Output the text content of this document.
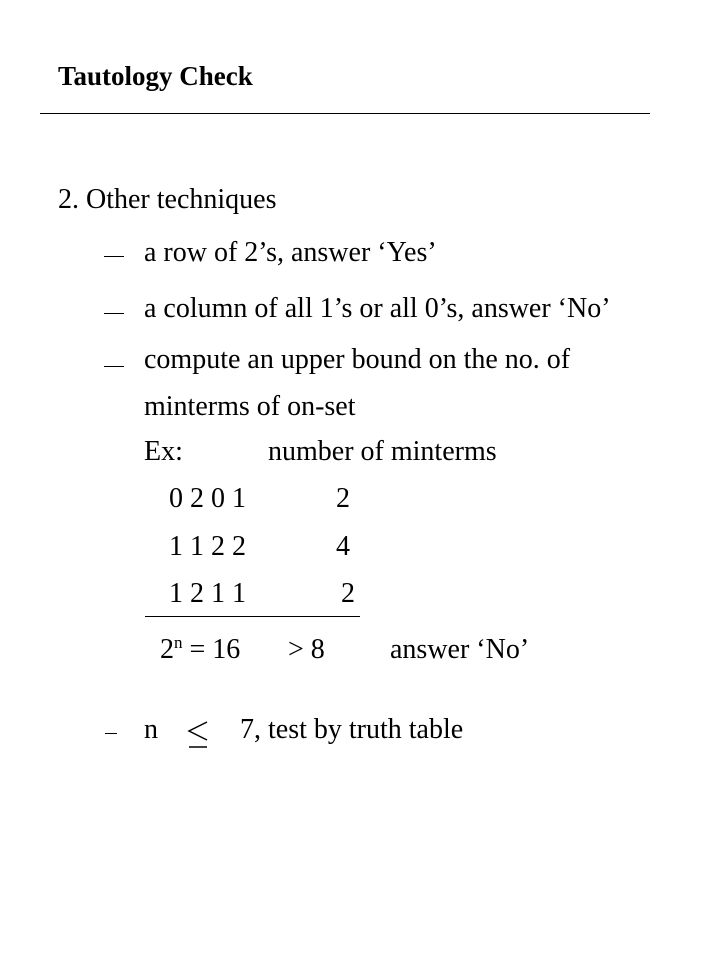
Tautology Check
2. Other techniques
a row of 2’s, answer ‘Yes’
a column of all 1’s or all 0’s, answer ‘No’
compute an upper bound on the no. of
minterms of on-set
Ex:	number of minterms
0 2 0 1	2
1 1 2 2	4
1 2 1 1	2
$2^n = 16 > 8$ answer ‘No’
n	7, test by truth table
